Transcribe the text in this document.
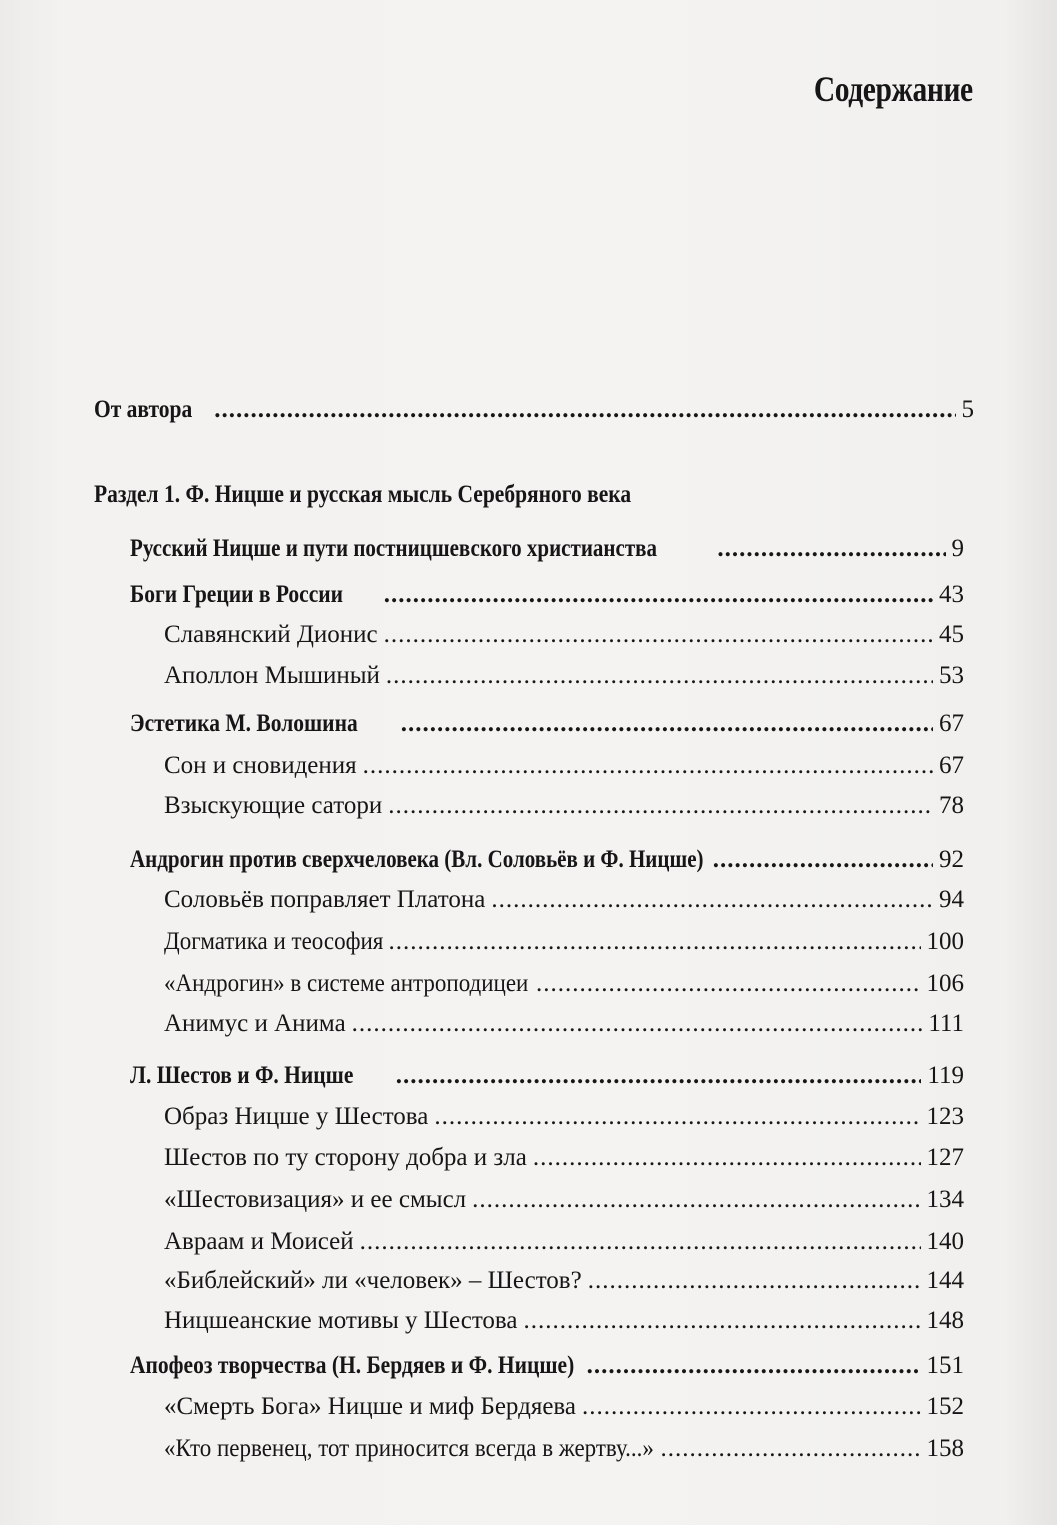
Содержание
От автора .....	5
Раздел 1. Ф. Ницше и русская мысль Серебряного века
Русский Ницше и пути постницшевского христианства .....	9
Боги Греции в России .....	43
Славянский Дионис .....	45
Аполлон Мышиный .....	53
Эстетика М. Волошина .....	67
Сон и сновидения .....	67
Взыскующие сатори .....	78
Андрогин против сверхчеловека (Вл. Соловьёв и Ф. Ницше) .....	92
Соловьёв поправляет Платона .....	94
Догматика и теософия .....	100
«Андрогин» в системе антроподицеи .....	106
Анимус и Анима .....	111
Л. Шестов и Ф. Ницше .....	119
Образ Ницше у Шестова .....	123
Шестов по ту сторону добра и зла .....	127
«Шестовизация» и ее смысл .....	134
Авраам и Моисей .....	140
«Библейский» ли «человек» – Шестов? .....	144
Ницшеанские мотивы у Шестова .....	148
Апофеоз творчества (Н. Бердяев и Ф. Ницше) .....	151
«Смерть Бога» Ницше и миф Бердяева .....	152
«Кто первенец, тот приносится всегда в жертву...» .....	158
